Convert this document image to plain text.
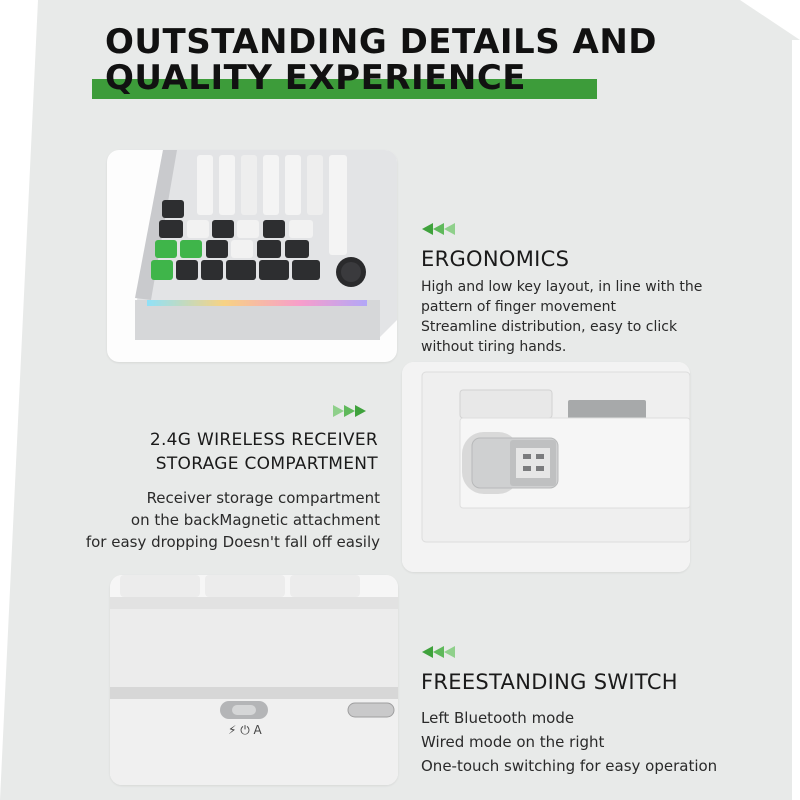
OUTSTANDING DETAILS AND
QUALITY EXPERIENCE
ERGONOMICS
High and low key layout, in line with the
pattern of finger movement
Streamline distribution, easy to click
without tiring hands.
2.4G WIRELESS RECEIVER
STORAGE COMPARTMENT
Receiver storage compartment
on the backMagnetic attachment
for easy dropping Doesn't fall off easily
⚡ ⏻ A
FREESTANDING SWITCH
Left Bluetooth mode
Wired mode on the right
One-touch switching for easy operation
